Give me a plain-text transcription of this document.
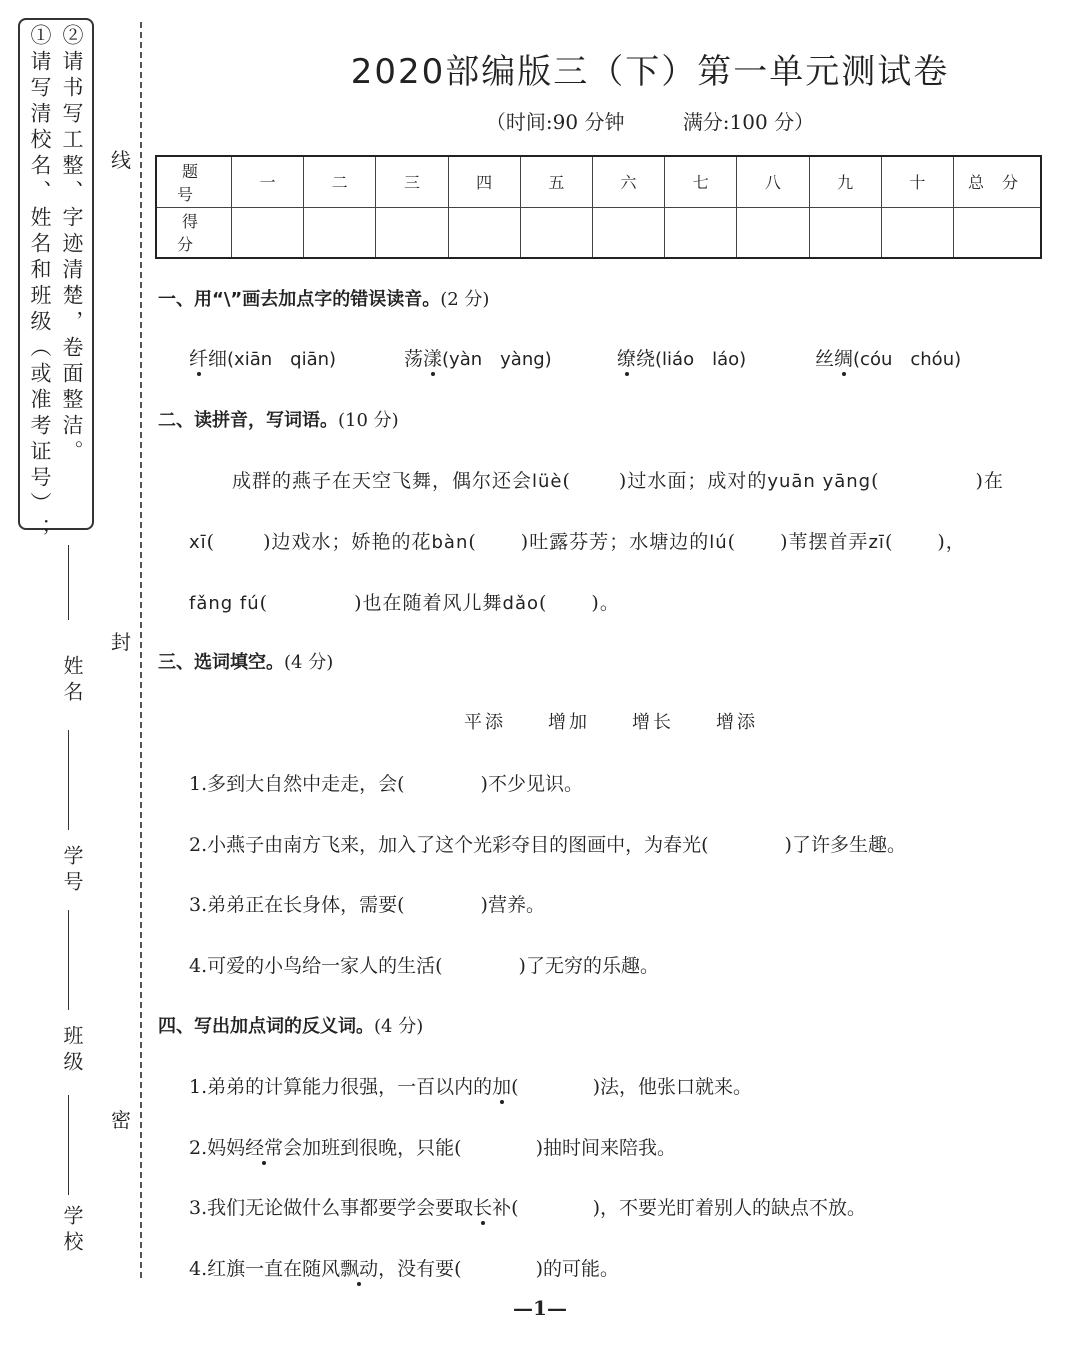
①请写清校名、姓名和班级（或准考证号）； ②请书写工整、字迹清楚，卷面整洁。
姓名
学号
班级
学校
线
封
密
2020部编版三（下）第一单元测试卷
（时间:90 分钟	满分:100 分）
题号	一	二	三	四	五	六	七	八	九	十	总分
得分											
一、用“\”画去加点字的错误读音。(2 分)
纤细(xiān　qiān)	荡漾(yàn　yàng)	缭绕(liáo　láo)	丝绸(cóu　chóu)
二、读拼音，写词语。(10 分)
成群的燕子在天空飞舞，偶尔还会lüè(	)过水面；成对的yuān yāng(	)在
xī(	)边戏水；娇艳的花bàn( )吐露芬芳；水塘边的lú( )苇摆首弄zī( )，
fǎng fú(	)也在随着风儿舞dǎo( )。
三、选词填空。(4 分)
平添 增加 增长 增添
1.多到大自然中走走，会(	)不少见识。
2.小燕子由南方飞来，加入了这个光彩夺目的图画中，为春光(	)了许多生趣。
3.弟弟正在长身体，需要(	)营养。
4.可爱的小鸟给一家人的生活(	)了无穷的乐趣。
四、写出加点词的反义词。(4 分)
1.弟弟的计算能力很强，一百以内的加(	)法，他张口就来。
2.妈妈经常会加班到很晚，只能(	)抽时间来陪我。
3.我们无论做什么事都要学会要取长补(	)，不要光盯着别人的缺点不放。
4.红旗一直在随风飘动，没有要(	)的可能。
—1—
